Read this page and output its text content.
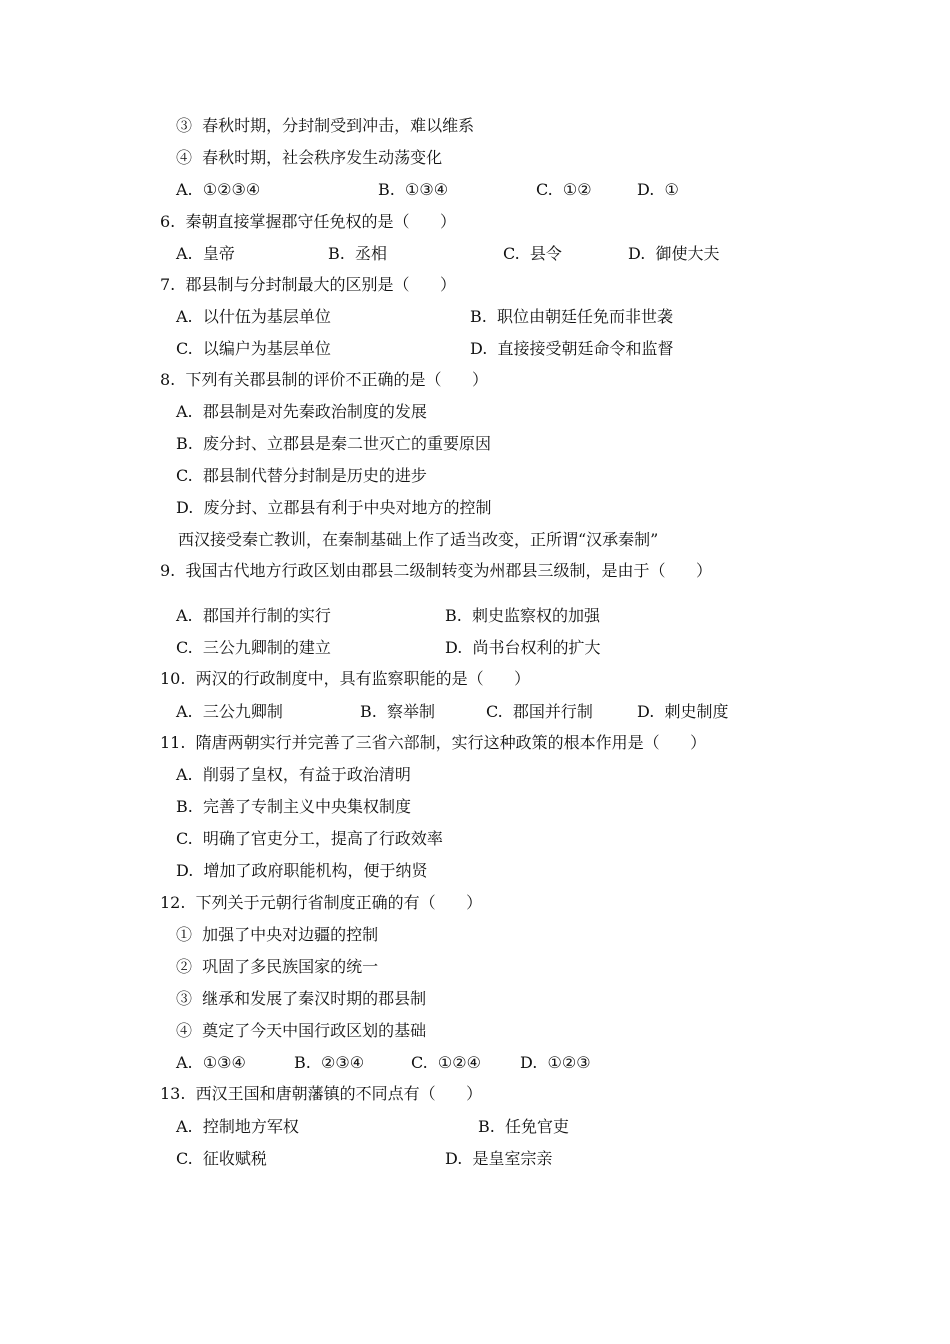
③  春秋时期，分封制受到冲击，难以维系
④  春秋时期，社会秩序发生动荡变化
A.  ①②③④	B.  ①③④	C.  ①②	D.  ①
6.  秦朝直接掌握郡守任免权的是（      ）
A.  皇帝	B.  丞相	C.  县令	D.  御使大夫
7.  郡县制与分封制最大的区别是（      ）
A.  以什伍为基层单位	B.  职位由朝廷任免而非世袭
C.  以编户为基层单位	D.  直接接受朝廷命令和监督
8.  下列有关郡县制的评价不正确的是（      ）
A.  郡县制是对先秦政治制度的发展
B.  废分封、立郡县是秦二世灭亡的重要原因
C.  郡县制代替分封制是历史的进步
D.  废分封、立郡县有利于中央对地方的控制
西汉接受秦亡教训，在秦制基础上作了适当改变，正所谓“汉承秦制”
9.  我国古代地方行政区划由郡县二级制转变为州郡县三级制，是由于（      ）
A.  郡国并行制的实行	B.  刺史监察权的加强
C.  三公九卿制的建立	D.  尚书台权利的扩大
10.  两汉的行政制度中，具有监察职能的是（      ）
A.  三公九卿制	B.  察举制	C.  郡国并行制	D.  刺史制度
11.  隋唐两朝实行并完善了三省六部制，实行这种政策的根本作用是（      ）
A.  削弱了皇权，有益于政治清明
B.  完善了专制主义中央集权制度
C.  明确了官吏分工，提高了行政效率
D.  增加了政府职能机构，便于纳贤
12.  下列关于元朝行省制度正确的有（      ）
①  加强了中央对边疆的控制
②  巩固了多民族国家的统一
③  继承和发展了秦汉时期的郡县制
④  奠定了今天中国行政区划的基础
A.  ①③④	B.  ②③④	C.  ①②④ D.  ①②③
13.  西汉王国和唐朝藩镇的不同点有（      ）
A.  控制地方军权	B.  任免官吏
C.  征收赋税	D.  是皇室宗亲
